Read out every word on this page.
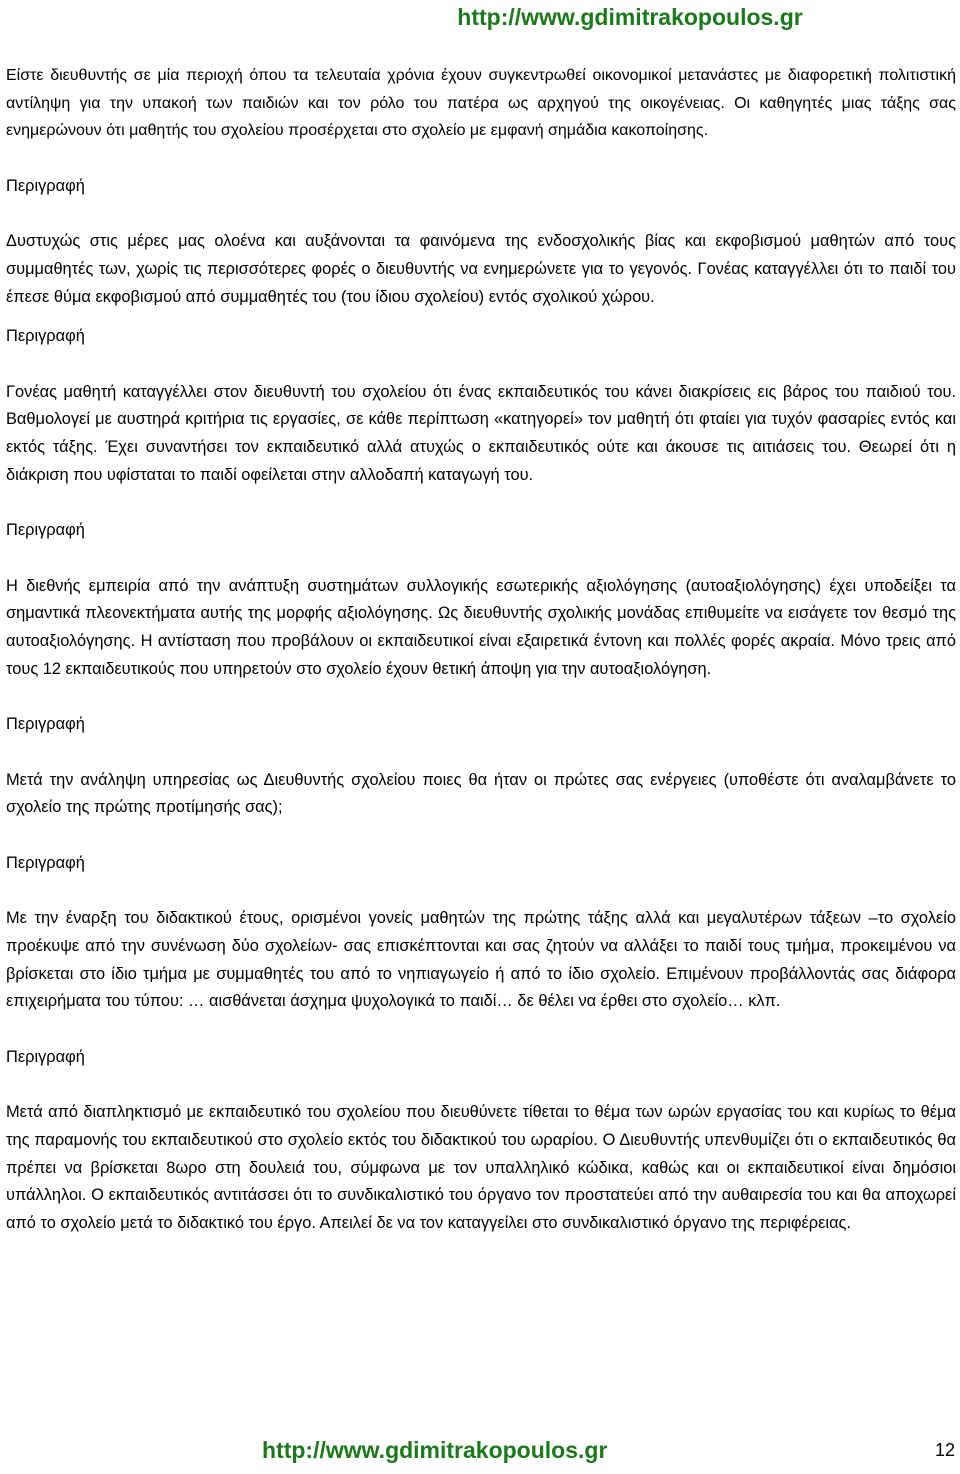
http://www.gdimitrakopoulos.gr

Είστε διευθυντής σε μία περιοχή όπου τα τελευταία χρόνια έχουν συγκεντρωθεί οικονομικοί μετανάστες με διαφορετική πολιτιστική αντίληψη για την υπακοή των παιδιών και τον ρόλο του πατέρα ως αρχηγού της οικογένειας. Οι καθηγητές μιας τάξης σας ενημερώνουν ότι μαθητής του σχολείου προσέρχεται στο σχολείο με εμφανή σημάδια κακοποίησης.

Περιγραφή

Δυστυχώς στις μέρες μας ολοένα και αυξάνονται τα φαινόμενα της ενδοσχολικής βίας και εκφοβισμού μαθητών από τους συμμαθητές των, χωρίς τις περισσότερες φορές ο διευθυντής να ενημερώνετε για το γεγονός. Γονέας καταγγέλλει ότι το παιδί του έπεσε θύμα εκφοβισμού από συμμαθητές του (του ίδιου σχολείου) εντός σχολικού χώρου.

Περιγραφή

Γονέας μαθητή καταγγέλλει στον διευθυντή του σχολείου ότι ένας εκπαιδευτικός του κάνει διακρίσεις εις βάρος του παιδιού του. Βαθμολογεί με αυστηρά κριτήρια τις εργασίες, σε κάθε περίπτωση «κατηγορεί» τον μαθητή ότι φταίει για τυχόν φασαρίες εντός και εκτός τάξης. Έχει συναντήσει τον εκπαιδευτικό αλλά ατυχώς ο εκπαιδευτικός ούτε και άκουσε τις αιτιάσεις του. Θεωρεί ότι η διάκριση που υφίσταται το παιδί οφείλεται στην αλλοδαπή καταγωγή του.

Περιγραφή

Η διεθνής εμπειρία από την ανάπτυξη συστημάτων συλλογικής εσωτερικής αξιολόγησης (αυτοαξιολόγησης) έχει υποδείξει τα σημαντικά πλεονεκτήματα αυτής της μορφής αξιολόγησης. Ως διευθυντής σχολικής μονάδας επιθυμείτε να εισάγετε τον θεσμό της αυτοαξιολόγησης. Η αντίσταση που προβάλουν οι εκπαιδευτικοί είναι εξαιρετικά έντονη και πολλές φορές ακραία. Μόνο τρεις από τους 12 εκπαιδευτικούς που υπηρετούν στο σχολείο έχουν θετική άποψη για την αυτοαξιολόγηση.

Περιγραφή

Μετά την ανάληψη υπηρεσίας ως Διευθυντής σχολείου ποιες θα ήταν οι πρώτες σας ενέργειες (υποθέστε ότι αναλαμβάνετε το σχολείο της πρώτης προτίμησής σας);

Περιγραφή

Με την έναρξη του διδακτικού έτους, ορισμένοι γονείς μαθητών της πρώτης τάξης αλλά και μεγαλυτέρων τάξεων –το σχολείο προέκυψε από την συνένωση δύο σχολείων- σας επισκέπτονται και σας ζητούν να αλλάξει το παιδί τους τμήμα, προκειμένου να βρίσκεται στο ίδιο τμήμα με συμμαθητές του από το νηπιαγωγείο ή από το ίδιο σχολείο. Επιμένουν προβάλλοντάς σας διάφορα επιχειρήματα του τύπου: … αισθάνεται άσχημα ψυχολογικά το παιδί… δε θέλει να έρθει στο σχολείο… κλπ.

Περιγραφή

Μετά από διαπληκτισμό με εκπαιδευτικό του σχολείου που διευθύνετε τίθεται το θέμα των ωρών εργασίας του και κυρίως το θέμα της παραμονής του εκπαιδευτικού στο σχολείο εκτός του διδακτικού του ωραρίου. Ο Διευθυντής υπενθυμίζει ότι ο εκπαιδευτικός θα πρέπει να βρίσκεται 8ωρο στη δουλειά του, σύμφωνα με τον υπαλληλικό κώδικα, καθώς και οι εκπαιδευτικοί είναι δημόσιοι υπάλληλοι. Ο εκπαιδευτικός αντιτάσσει ότι το συνδικαλιστικό του όργανο τον προστατεύει από την αυθαιρεσία του και θα αποχωρεί από το σχολείο μετά το διδακτικό του έργο. Απειλεί δε να τον καταγγείλει στο συνδικαλιστικό όργανο της περιφέρειας.

http://www.gdimitrakopoulos.gr	12
